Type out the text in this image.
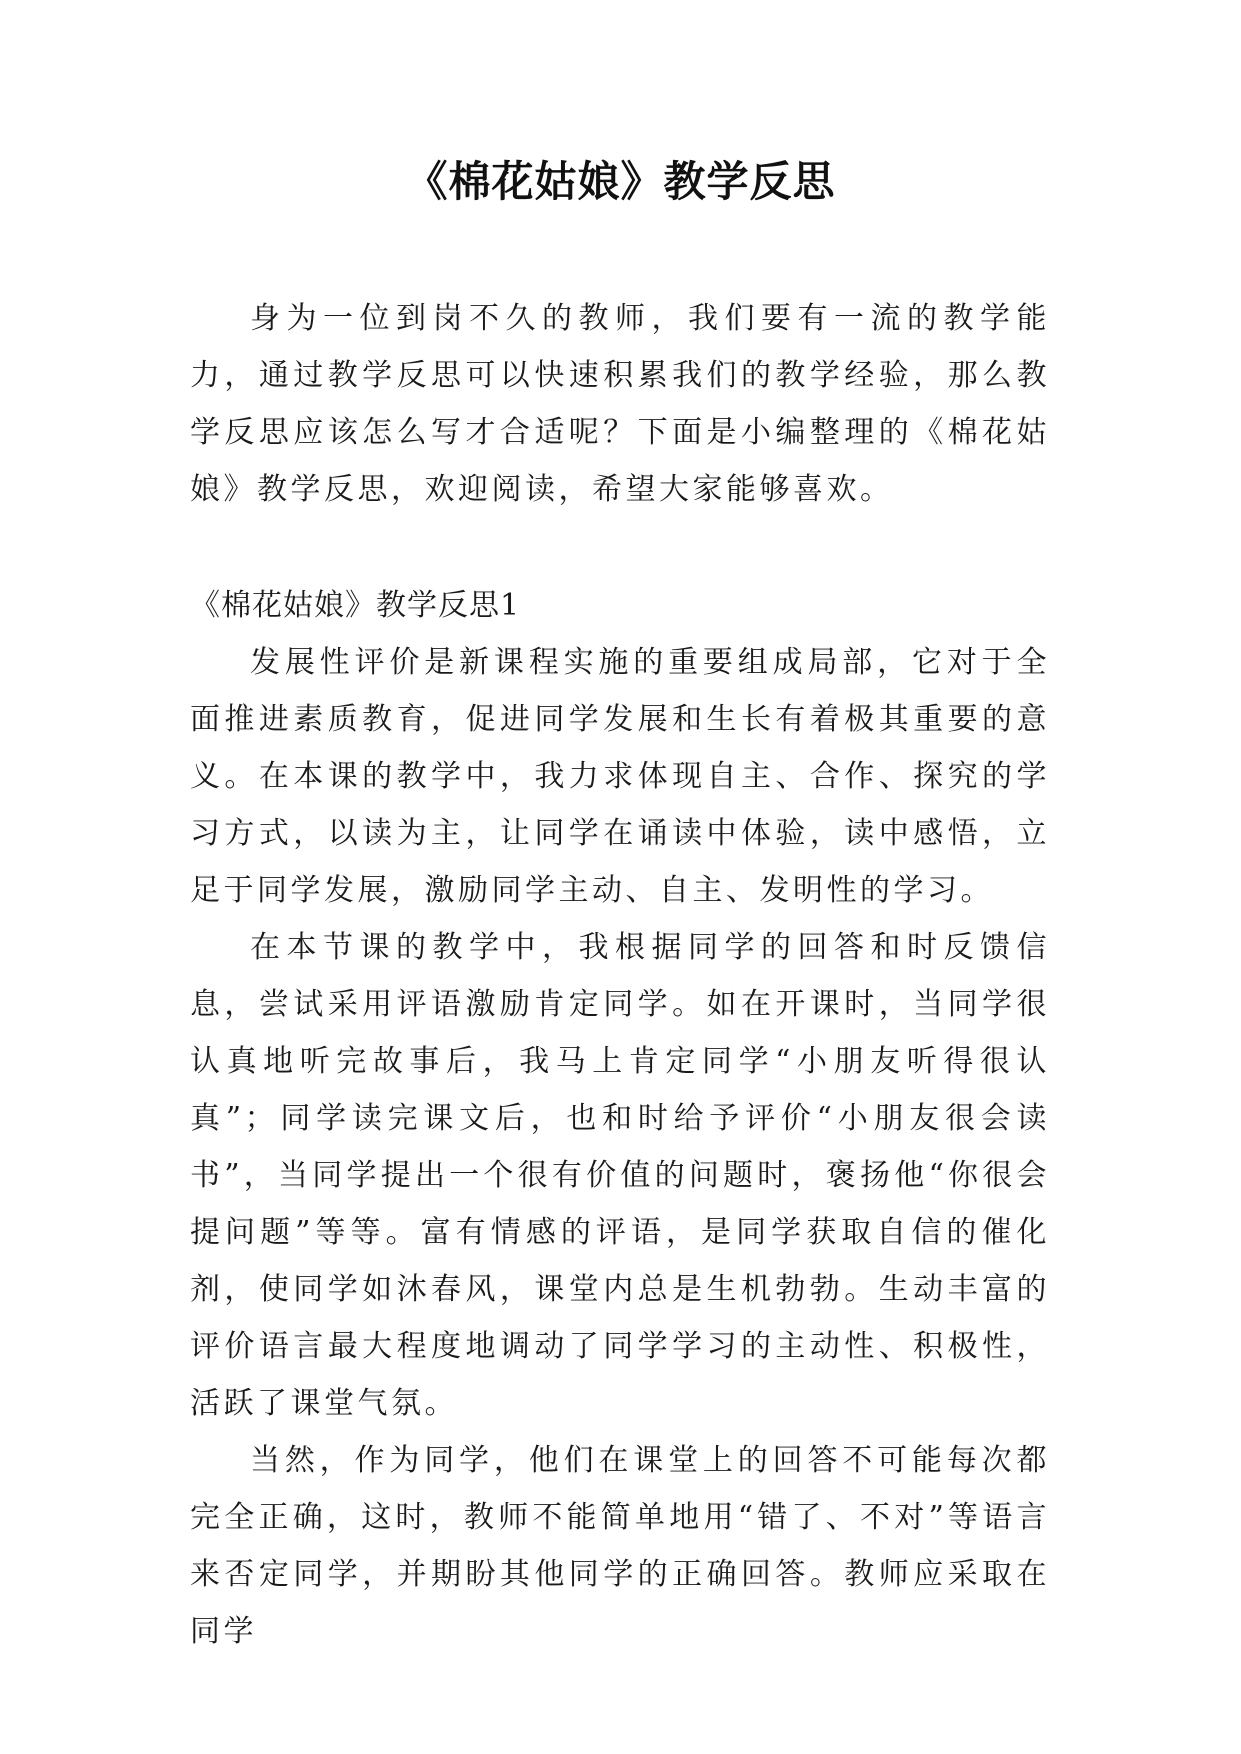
《棉花姑娘》教学反思

身为一位到岗不久的教师，我们要有一流的教学能力，通过教学反思可以快速积累我们的教学经验，那么教学反思应该怎么写才合适呢？下面是小编整理的《棉花姑娘》教学反思，欢迎阅读，希望大家能够喜欢。

《棉花姑娘》教学反思1

发展性评价是新课程实施的重要组成局部，它对于全面推进素质教育，促进同学发展和生长有着极其重要的意义。在本课的教学中，我力求体现自主、合作、探究的学习方式，以读为主，让同学在诵读中体验，读中感悟，立足于同学发展，激励同学主动、自主、发明性的学习。

在本节课的教学中，我根据同学的回答和时反馈信息，尝试采用评语激励肯定同学。如在开课时，当同学很认真地听完故事后，我马上肯定同学“小朋友听得很认真”；同学读完课文后，也和时给予评价“小朋友很会读书”，当同学提出一个很有价值的问题时，褒扬他“你很会提问题”等等。富有情感的评语，是同学获取自信的催化剂，使同学如沐春风，课堂内总是生机勃勃。生动丰富的评价语言最大程度地调动了同学学习的主动性、积极性，活跃了课堂气氛。

当然，作为同学，他们在课堂上的回答不可能每次都完全正确，这时，教师不能简单地用“错了、不对”等语言来否定同学，并期盼其他同学的正确回答。教师应采取在同学
